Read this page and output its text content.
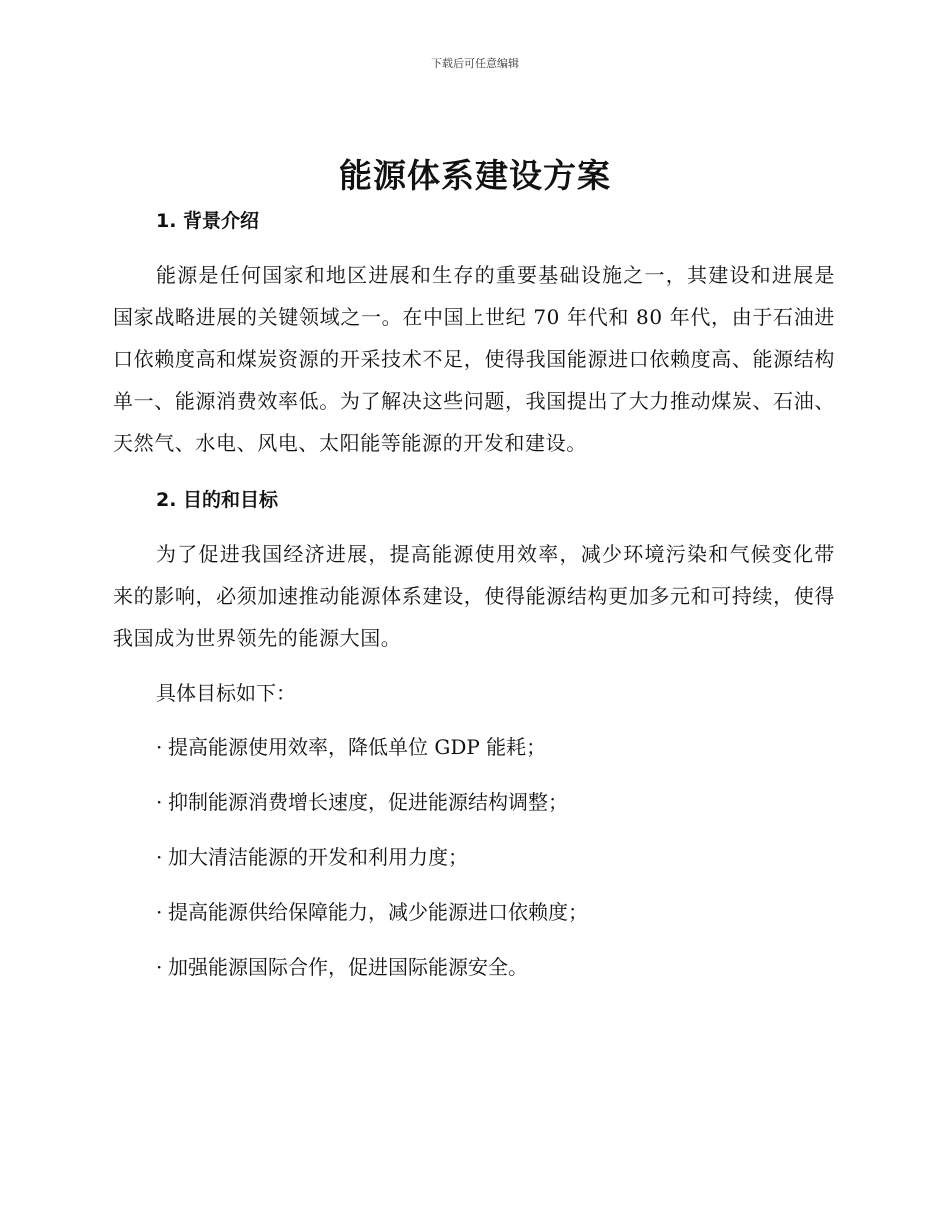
下载后可任意编辑
能源体系建设方案
1. 背景介绍
能源是任何国家和地区进展和生存的重要基础设施之一，其建设和进展是国家战略进展的关键领域之一。在中国上世纪 70 年代和 80 年代，由于石油进口依赖度高和煤炭资源的开采技术不足，使得我国能源进口依赖度高、能源结构单一、能源消费效率低。为了解决这些问题，我国提出了大力推动煤炭、石油、天然气、水电、风电、太阳能等能源的开发和建设。
2. 目的和目标
为了促进我国经济进展，提高能源使用效率，减少环境污染和气候变化带来的影响，必须加速推动能源体系建设，使得能源结构更加多元和可持续，使得我国成为世界领先的能源大国。
具体目标如下：
· 提高能源使用效率，降低单位 GDP 能耗；
· 抑制能源消费增长速度，促进能源结构调整；
· 加大清洁能源的开发和利用力度；
· 提高能源供给保障能力，减少能源进口依赖度；
· 加强能源国际合作，促进国际能源安全。
